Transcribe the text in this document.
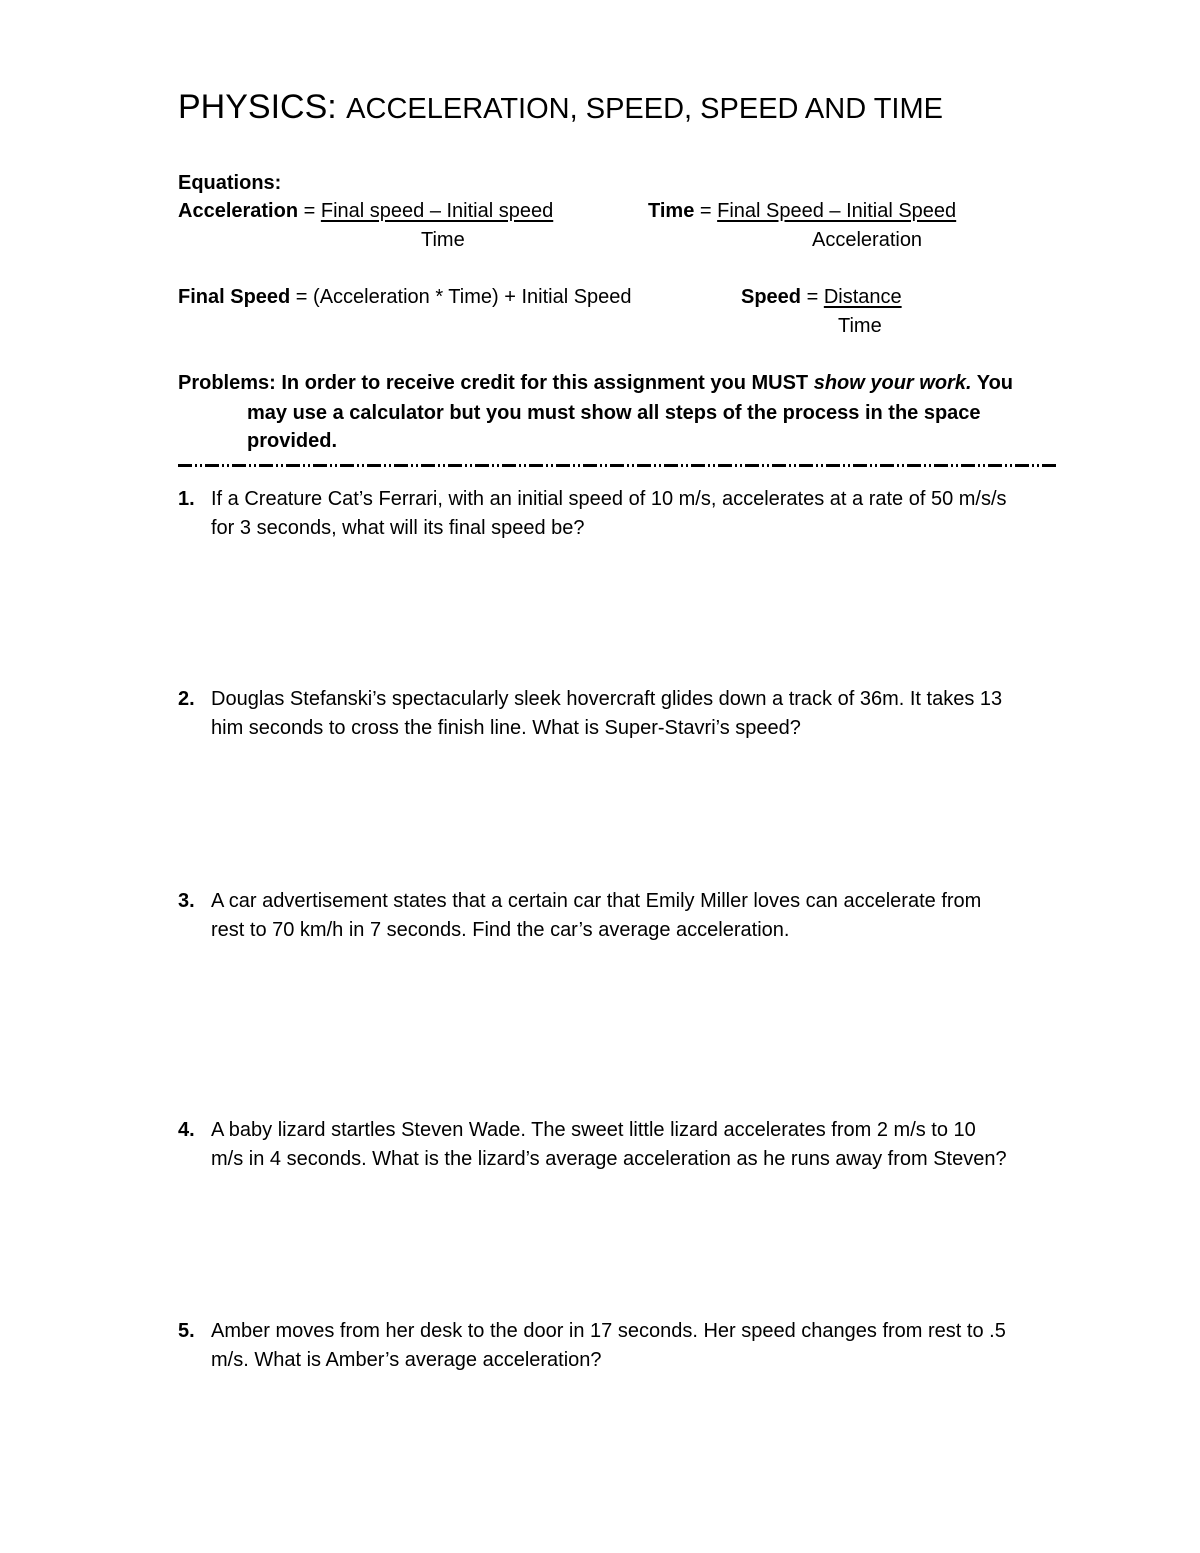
PHYSICS: ACCELERATION, SPEED, SPEED AND TIME
Equations:
Acceleration = Final speed – Initial speed
Time
Time = Final Speed – Initial Speed
Acceleration
Final Speed = (Acceleration * Time) + Initial Speed	Speed = Distance
Time
Problems: In order to receive credit for this assignment you MUST show your work. You
may use a calculator but you must show all steps of the process in the space
provided.
1. If a Creature Cat’s Ferrari, with an initial speed of 10 m/s, accelerates at a rate of 50 m/s/s
for 3 seconds, what will its final speed be?
2. Douglas Stefanski’s spectacularly sleek hovercraft glides down a track of 36m. It takes 13
him seconds to cross the finish line. What is Super-Stavri’s speed?
3. A car advertisement states that a certain car that Emily Miller loves can accelerate from
rest to 70 km/h in 7 seconds. Find the car’s average acceleration.
4. A baby lizard startles Steven Wade. The sweet little lizard accelerates from 2 m/s to 10
m/s in 4 seconds. What is the lizard’s average acceleration as he runs away from Steven?
5. Amber moves from her desk to the door in 17 seconds. Her speed changes from rest to .5
m/s. What is Amber’s average acceleration?
